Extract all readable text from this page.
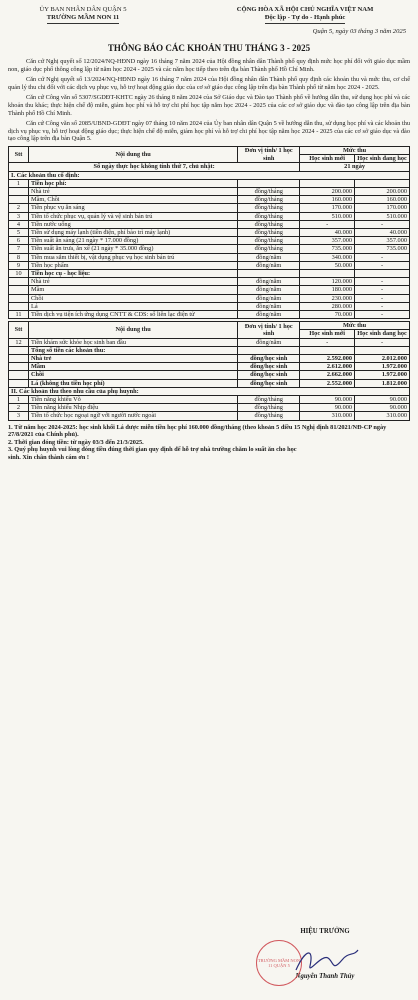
ỦY BAN NHÂN DÂN QUẬN 5
TRƯỜNG MẦM NON 11
CỘNG HÒA XÃ HỘI CHỦ NGHĨA VIỆT NAM
Độc lập - Tự do - Hạnh phúc
Quận 5, ngày 03 tháng 3 năm 2025
THÔNG BÁO CÁC KHOẢN THU THÁNG 3 - 2025

Căn cứ Nghị quyết số 12/2024/NQ-HĐND ngày 16 tháng 7 năm 2024 của Hội đồng nhân dân Thành phố quy định mức học phí đối với giáo dục mầm non, giáo dục phổ thông công lập từ năm học 2024 - 2025 và các năm học tiếp theo trên địa bàn Thành phố Hồ Chí Minh.

Căn cứ Nghị quyết số 13/2024/NQ-HĐND ngày 16 tháng 7 năm 2024 của Hội đồng nhân dân Thành phố quy định các khoản thu và mức thu, cơ chế quản lý thu chi đối với các dịch vụ phục vụ, hỗ trợ hoạt động giáo dục của cơ sở giáo dục công lập trên địa bàn Thành phố từ năm học 2024 - 2025.

Căn cứ Công văn số 5307/SGDĐT-KHTC ngày 26 tháng 8 năm 2024 của Sở Giáo dục và Đào tạo Thành phố về hướng dẫn thu, sử dụng học phí và các khoản thu khác; thực hiện chế độ miễn, giảm học phí và hỗ trợ chi phí học tập năm học 2024 - 2025 của các cơ sở giáo dục và đào tạo công lập trên địa bàn Thành phố Hồ Chí Minh.

Căn cứ Công văn số 2085/UBND-GDĐT ngày 07 tháng 10 năm 2024 của Ủy ban nhân dân Quận 5 về hướng dẫn thu, sử dụng học phí và các khoản thu dịch vụ phục vụ, hỗ trợ hoạt động giáo dục; thực hiện chế độ miễn, giảm học phí và hỗ trợ chi phí học tập năm học 2024 - 2025 của các cơ sở giáo dục và đào tạo công lập trên địa bàn Quận 5.

Stt	Nội dung thu	Đơn vị tính/ 1 học sinh	Mức thu	
			Học sinh mới	Học sinh đang học
Số ngày thực học không tính thứ 7, chủ nhật:			21 ngày	
I. Các khoản thu cố định:				
1	Tiền học phí:			
	Nhà trẻ	đồng/tháng	200.000	200.000
	Mầm, Chồi	đồng/tháng	160.000	160.000
2	Tiền phục vụ ăn sáng	đồng/tháng	170.000	170.000
3	Tiền tổ chức phục vụ, quản lý và vệ sinh bán trú	đồng/tháng	510.000	510.000
4	Tiền nước uống	đồng/tháng	-	-
5	Tiền sử dụng máy lạnh (tiền điện, phí bảo trì máy lạnh)	đồng/tháng	40.000	40.000
6	Tiền suất ăn sáng (21 ngày * 17.000 đồng)	đồng/tháng	357.000	357.000
7	Tiền suất ăn trưa, ăn xế (21 ngày * 35.000 đồng)	đồng/tháng	735.000	735.000
8	Tiền mua sắm thiết bị, vật dụng phục vụ học sinh bán trú	đồng/năm	340.000	-
9	Tiền học phẩm	đồng/năm	50.000	-
10	Tiền học cụ - học liệu:			
	Nhà trẻ	đồng/năm	120.000	-
	Mầm	đồng/năm	180.000	-
	Chồi	đồng/năm	230.000	-
	Lá	đồng/năm	280.000	-
11	Tiền dịch vụ tiện ích ứng dụng CNTT & CDS: sổ liên lạc điện tử	đồng/năm	70.000	-
Stt	Nội dung thu	Đơn vị tính/ 1 học sinh	Mức thu	
			Học sinh mới	Học sinh đang học
12	Tiền khám sức khỏe học sinh ban đầu	đồng/năm	-	-
	Tổng số tiền các khoản thu:			
	Nhà trẻ	đồng/học sinh	2.592.000	2.012.000
	Mầm	đồng/học sinh	2.612.000	1.972.000
	Chồi	đồng/học sinh	2.662.000	1.972.000
	Lá (không thu tiền học phí)	đồng/học sinh	2.552.000	1.812.000
II. Các khoản thu theo nhu cầu của phụ huynh:				
1	Tiền năng khiếu Võ	đồng/tháng	90.000	90.000
2	Tiền năng khiếu Nhịp điệu	đồng/tháng	90.000	90.000
3	Tiền tổ chức học ngoại ngữ với người nước ngoài	đồng/tháng	310.000	310.000
1. Từ năm học 2024-2025: học sinh khối Lá được miễn tiền học phí 160.000 đồng/tháng (theo khoản 5 điều 15 Nghị định 81/2021/NĐ-CP ngày 27/8/2021 của Chính phủ).
2. Thời gian đóng tiền: từ ngày 03/3 đến 21/3/2025.
3. Quý phụ huynh vui lòng đóng tiền đúng thời gian quy định để hỗ trợ nhà trường chăm lo suất ăn cho học sinh. Xin chân thành cám ơn !
HIỆU TRƯỞNG
Nguyễn Thanh Thúy
TRƯỜNG MẦM NON 11 QUẬN 5
